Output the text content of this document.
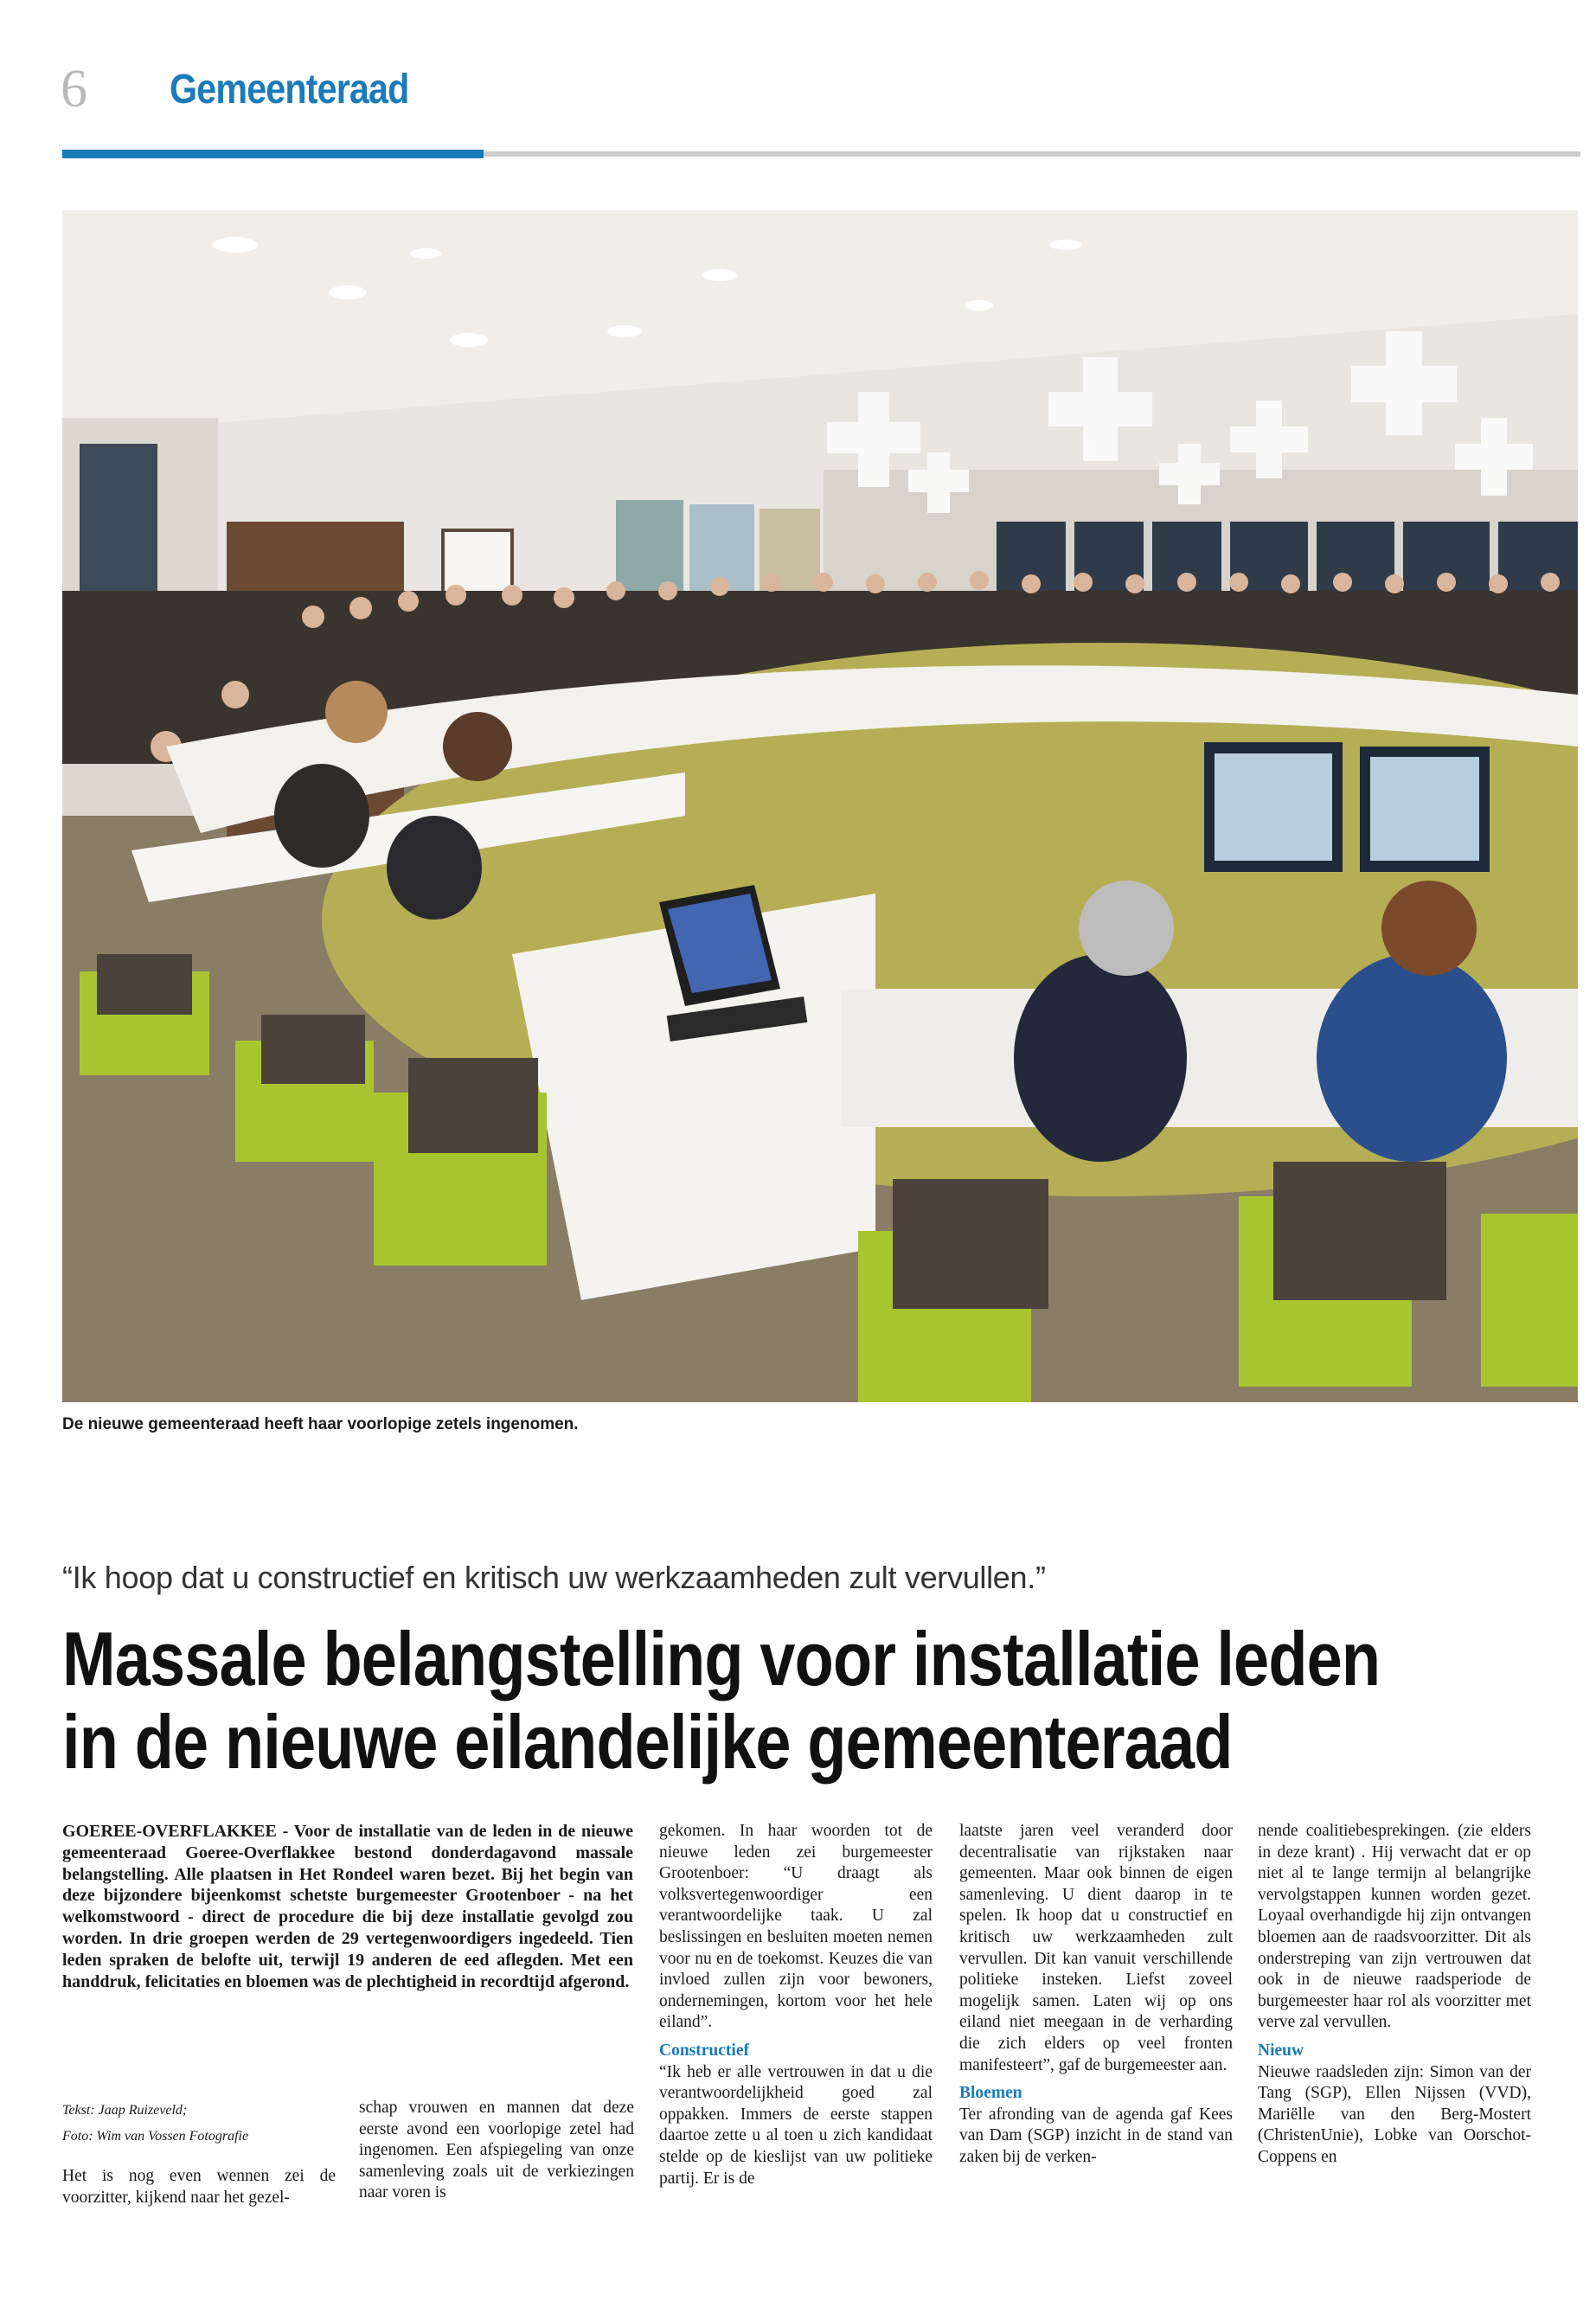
6 Gemeenteraad
De nieuwe gemeenteraad heeft haar voorlopige zetels ingenomen.
“Ik hoop dat u constructief en kritisch uw werkzaamheden zult vervullen.”
Massale belangstelling voor installatie leden
in de nieuwe eilandelijke gemeenteraad
GOEREE-OVERFLAKKEE - Voor de installatie van de leden in de nieuwe gemeenteraad Goeree-Overflakkee bestond donderdagavond massale belangstelling. Alle plaatsen in Het Rondeel waren bezet. Bij het begin van deze bijzondere bijeenkomst schetste burgemeester Grootenboer - na het welkomstwoord - direct de procedure die bij deze installatie gevolgd zou worden. In drie groepen werden de 29 vertegenwoordigers ingedeeld. Tien leden spraken de belofte uit, terwijl 19 anderen de eed aflegden. Met een handdruk, felicitaties en bloemen was de plechtigheid in recordtijd afgerond.

Tekst: Jaap Ruizeveld;

Foto: Wim van Vossen Fotografie

Het is nog even wennen zei de voorzitter, kijkend naar het gezel-

schap vrouwen en mannen dat deze eerste avond een voorlopige zetel had ingenomen. Een afspiegeling van onze samenleving zoals uit de verkiezingen naar voren is

gekomen. In haar woorden tot de nieuwe leden zei burgemeester Grootenboer: “U draagt als volksvertegenwoordiger een verantwoordelijke taak. U zal beslissingen en besluiten moeten nemen voor nu en de toekomst. Keuzes die van invloed zullen zijn voor bewoners, ondernemingen, kortom voor het hele eiland”.

Constructief

“Ik heb er alle vertrouwen in dat u die verantwoordelijkheid goed zal oppakken. Immers de eerste stappen daartoe zette u al toen u zich kandidaat stelde op de kieslijst van uw politieke partij. Er is de

laatste jaren veel veranderd door decentralisatie van rijkstaken naar gemeenten. Maar ook binnen de eigen samenleving. U dient daarop in te spelen. Ik hoop dat u constructief en kritisch uw werkzaamheden zult vervullen. Dit kan vanuit verschillende politieke insteken. Liefst zoveel mogelijk samen. Laten wij op ons eiland niet meegaan in de verharding die zich elders op veel fronten manifesteert”, gaf de burgemeester aan.

Bloemen

Ter afronding van de agenda gaf Kees van Dam (SGP) inzicht in de stand van zaken bij de verken-

nende coalitiebesprekingen. (zie elders in deze krant) . Hij verwacht dat er op niet al te lange termijn al belangrijke vervolgstappen kunnen worden gezet. Loyaal overhandigde hij zijn ontvangen bloemen aan de raadsvoorzitter. Dit als onderstreping van zijn vertrouwen dat ook in de nieuwe raadsperiode de burgemeester haar rol als voorzitter met verve zal vervullen.

Nieuw

Nieuwe raadsleden zijn: Simon van der Tang (SGP), Ellen Nijssen (VVD), Mariëlle van den Berg-Mostert (ChristenUnie), Lobke van Oorschot-Coppens en
